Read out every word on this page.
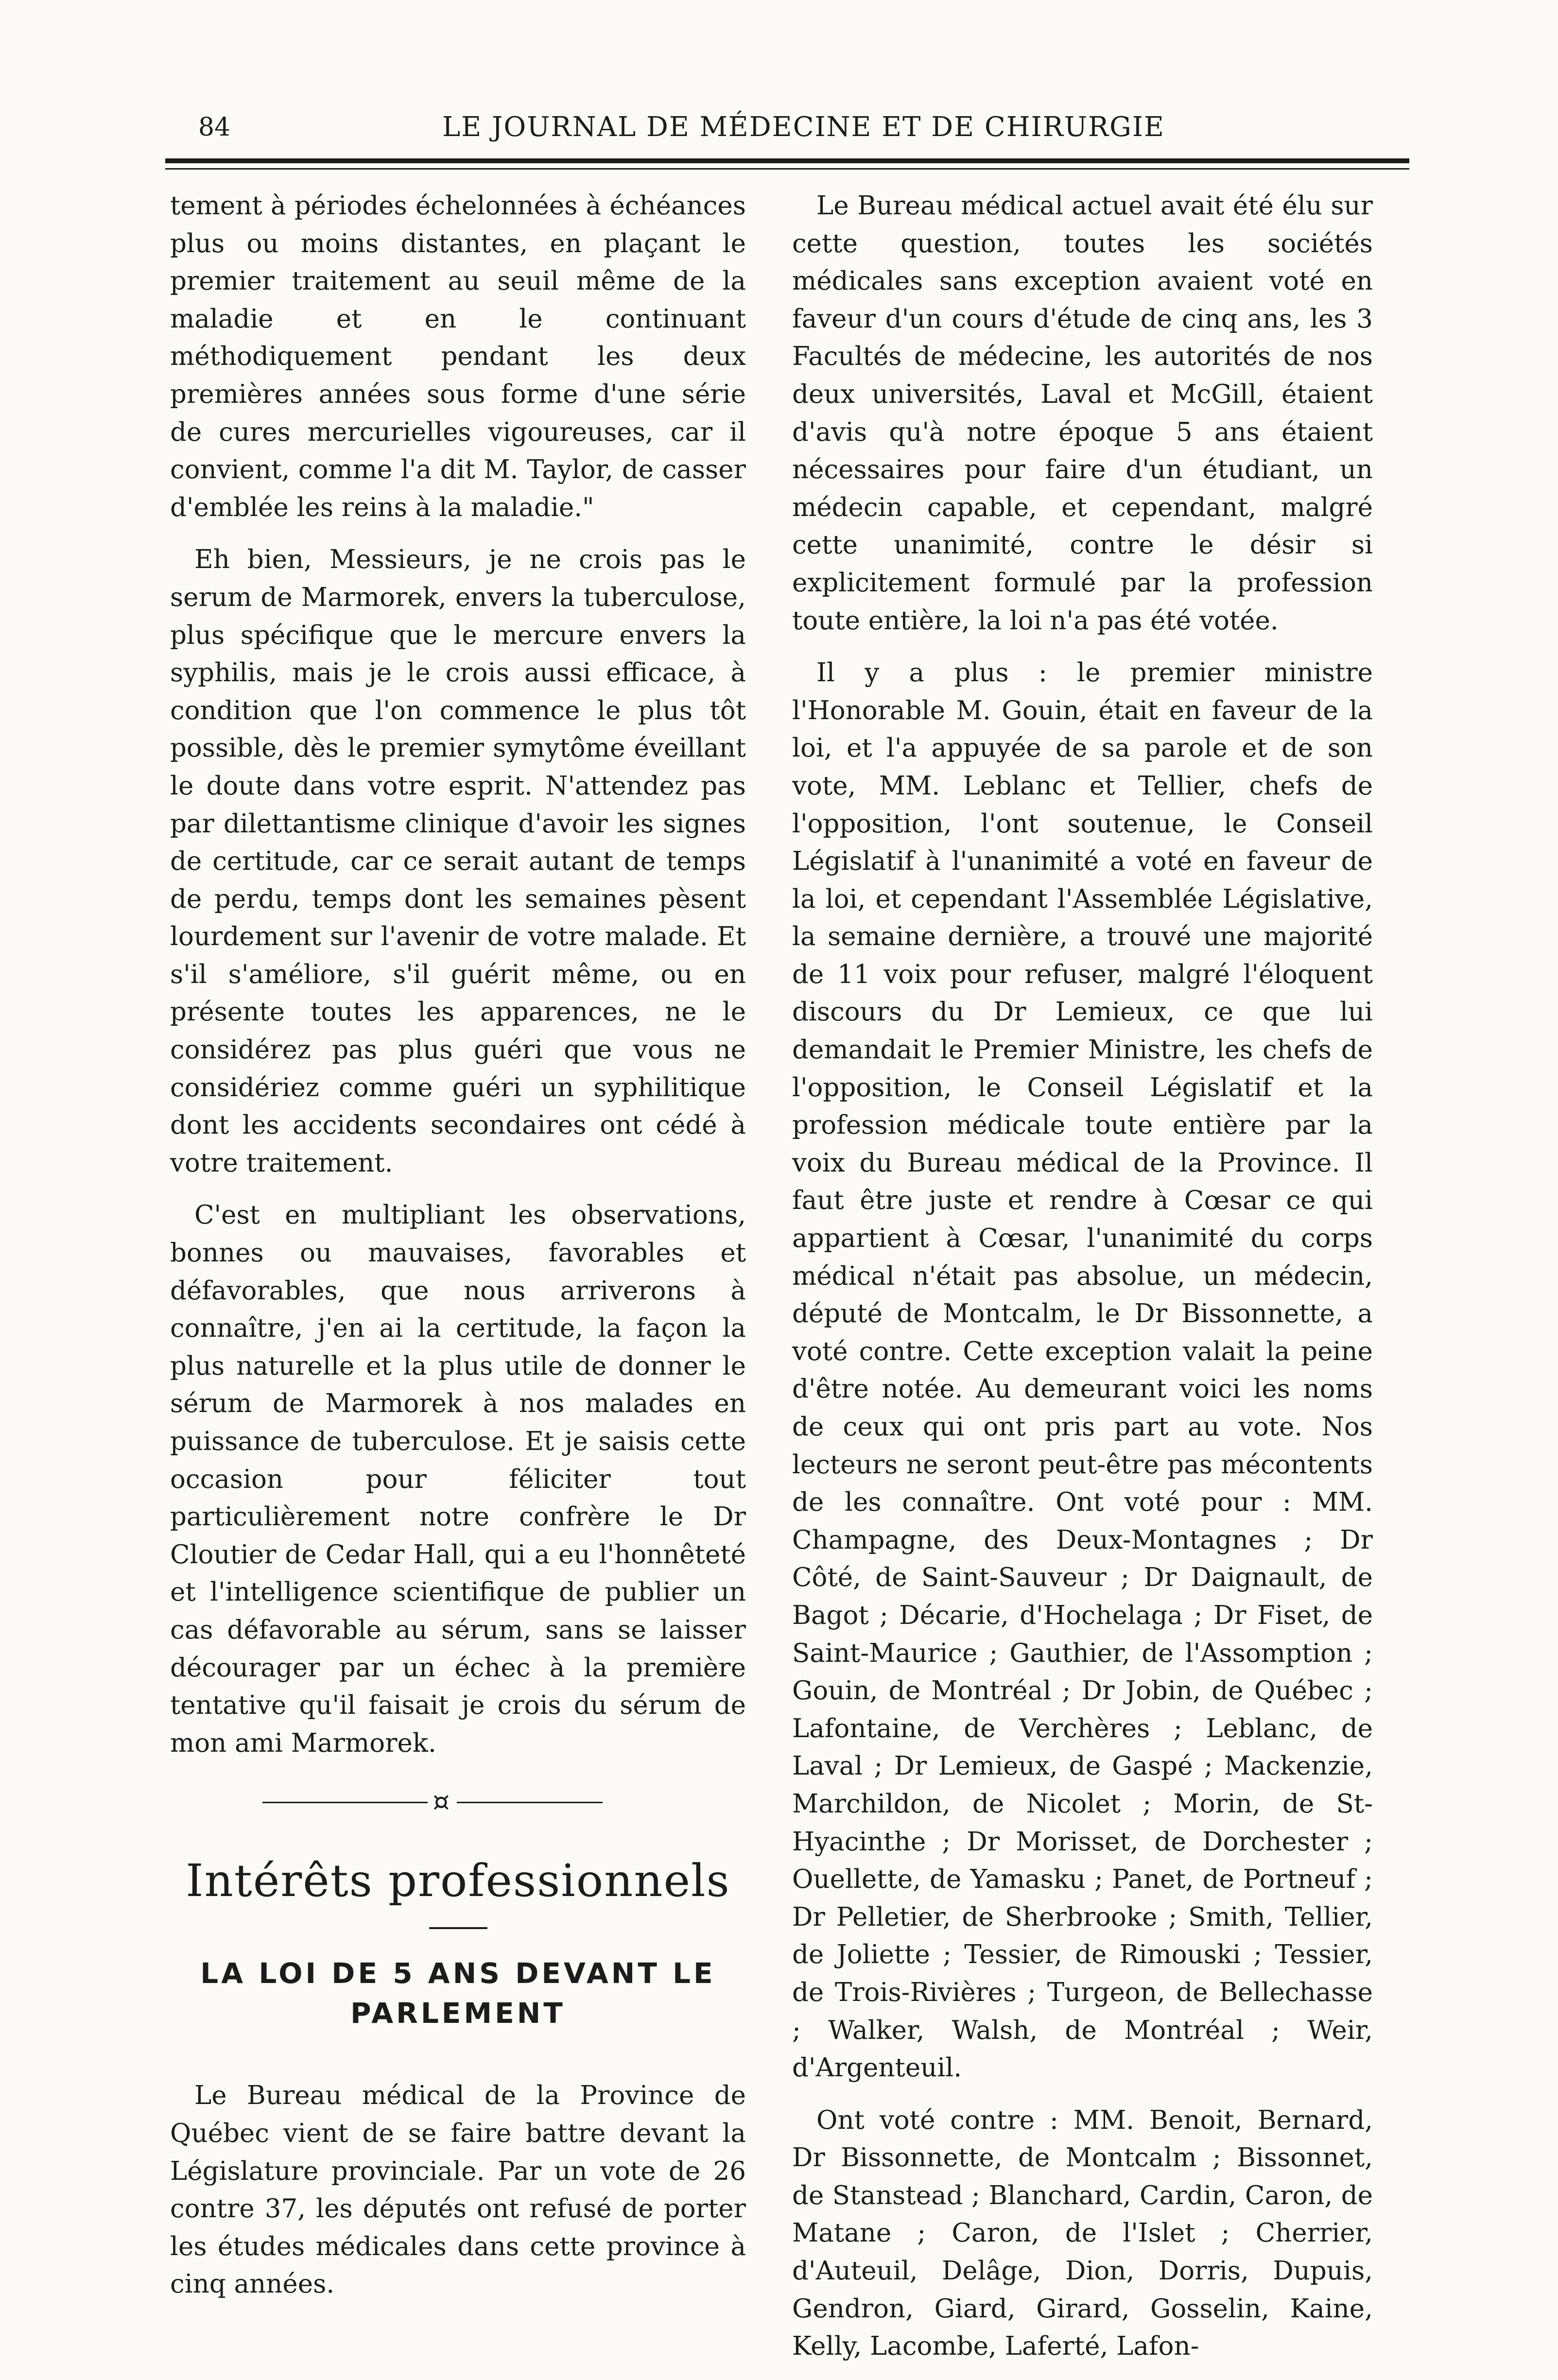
84	LE JOURNAL DE MÉDECINE ET DE CHIRURGIE

tement à périodes échelonnées à échéances plus ou moins distantes, en plaçant le premier traitement au seuil même de la maladie et en le continuant méthodiquement pendant les deux premières années sous forme d'une série de cures mercurielles vigoureuses, car il convient, comme l'a dit M. Taylor, de casser d'emblée les reins à la maladie."

Eh bien, Messieurs, je ne crois pas le serum de Marmorek, envers la tuberculose, plus spécifique que le mercure envers la syphilis, mais je le crois aussi efficace, à condition que l'on commence le plus tôt possible, dès le premier symytôme éveillant le doute dans votre esprit. N'attendez pas par dilettantisme clinique d'avoir les signes de certitude, car ce serait autant de temps de perdu, temps dont les semaines pèsent lourdement sur l'avenir de votre malade. Et s'il s'améliore, s'il guérit même, ou en présente toutes les apparences, ne le considérez pas plus guéri que vous ne considériez comme guéri un syphilitique dont les accidents secondaires ont cédé à votre traitement.

C'est en multipliant les observations, bonnes ou mauvaises, favorables et défavorables, que nous arriverons à connaître, j'en ai la certitude, la façon la plus naturelle et la plus utile de donner le sérum de Marmorek à nos malades en puissance de tuberculose. Et je saisis cette occasion pour féliciter tout particulièrement notre confrère le Dr Cloutier de Cedar Hall, qui a eu l'honnêteté et l'intelligence scientifique de publier un cas défavorable au sérum, sans se laisser décourager par un échec à la première tentative qu'il faisait je crois du sérum de mon ami Marmorek.

¤
Intérêts professionnels
LA LOI DE 5 ANS DEVANT LE PARLEMENT

Le Bureau médical de la Province de Québec vient de se faire battre devant la Législature provinciale. Par un vote de 26 contre 37, les députés ont refusé de porter les études médicales dans cette province à cinq années.

Le Bureau médical actuel avait été élu sur cette question, toutes les sociétés médicales sans exception avaient voté en faveur d'un cours d'étude de cinq ans, les 3 Facultés de médecine, les autorités de nos deux universités, Laval et McGill, étaient d'avis qu'à notre époque 5 ans étaient nécessaires pour faire d'un étudiant, un médecin capable, et cependant, malgré cette unanimité, contre le désir si explicitement formulé par la profession toute entière, la loi n'a pas été votée.

Il y a plus : le premier ministre l'Honorable M. Gouin, était en faveur de la loi, et l'a appuyée de sa parole et de son vote, MM. Leblanc et Tellier, chefs de l'opposition, l'ont soutenue, le Conseil Législatif à l'unanimité a voté en faveur de la loi, et cependant l'Assemblée Législative, la semaine dernière, a trouvé une majorité de 11 voix pour refuser, malgré l'éloquent discours du Dr Lemieux, ce que lui demandait le Premier Ministre, les chefs de l'opposition, le Conseil Législatif et la profession médicale toute entière par la voix du Bureau médical de la Province. Il faut être juste et rendre à Cœsar ce qui appartient à Cœsar, l'unanimité du corps médical n'était pas absolue, un médecin, député de Montcalm, le Dr Bissonnette, a voté contre. Cette exception valait la peine d'être notée. Au demeurant voici les noms de ceux qui ont pris part au vote. Nos lecteurs ne seront peut-être pas mécontents de les connaître. Ont voté pour : MM. Champagne, des Deux-Montagnes ; Dr Côté, de Saint-Sauveur ; Dr Daignault, de Bagot ; Décarie, d'Hochelaga ; Dr Fiset, de Saint-Maurice ; Gauthier, de l'Assomption ; Gouin, de Montréal ; Dr Jobin, de Québec ; Lafontaine, de Verchères ; Leblanc, de Laval ; Dr Lemieux, de Gaspé ; Mackenzie, Marchildon, de Nicolet ; Morin, de St-Hyacinthe ; Dr Morisset, de Dorchester ; Ouellette, de Yamasku ; Panet, de Portneuf ; Dr Pelletier, de Sherbrooke ; Smith, Tellier, de Joliette ; Tessier, de Rimouski ; Tessier, de Trois-Rivières ; Turgeon, de Bellechasse ; Walker, Walsh, de Montréal ; Weir, d'Argenteuil.

Ont voté contre : MM. Benoit, Bernard, Dr Bissonnette, de Montcalm ; Bissonnet, de Stanstead ; Blanchard, Cardin, Caron, de Matane ; Caron, de l'Islet ; Cherrier, d'Auteuil, Delâge, Dion, Dorris, Dupuis, Gendron, Giard, Girard, Gosselin, Kaine, Kelly, Lacombe, Laferté, Lafon-
